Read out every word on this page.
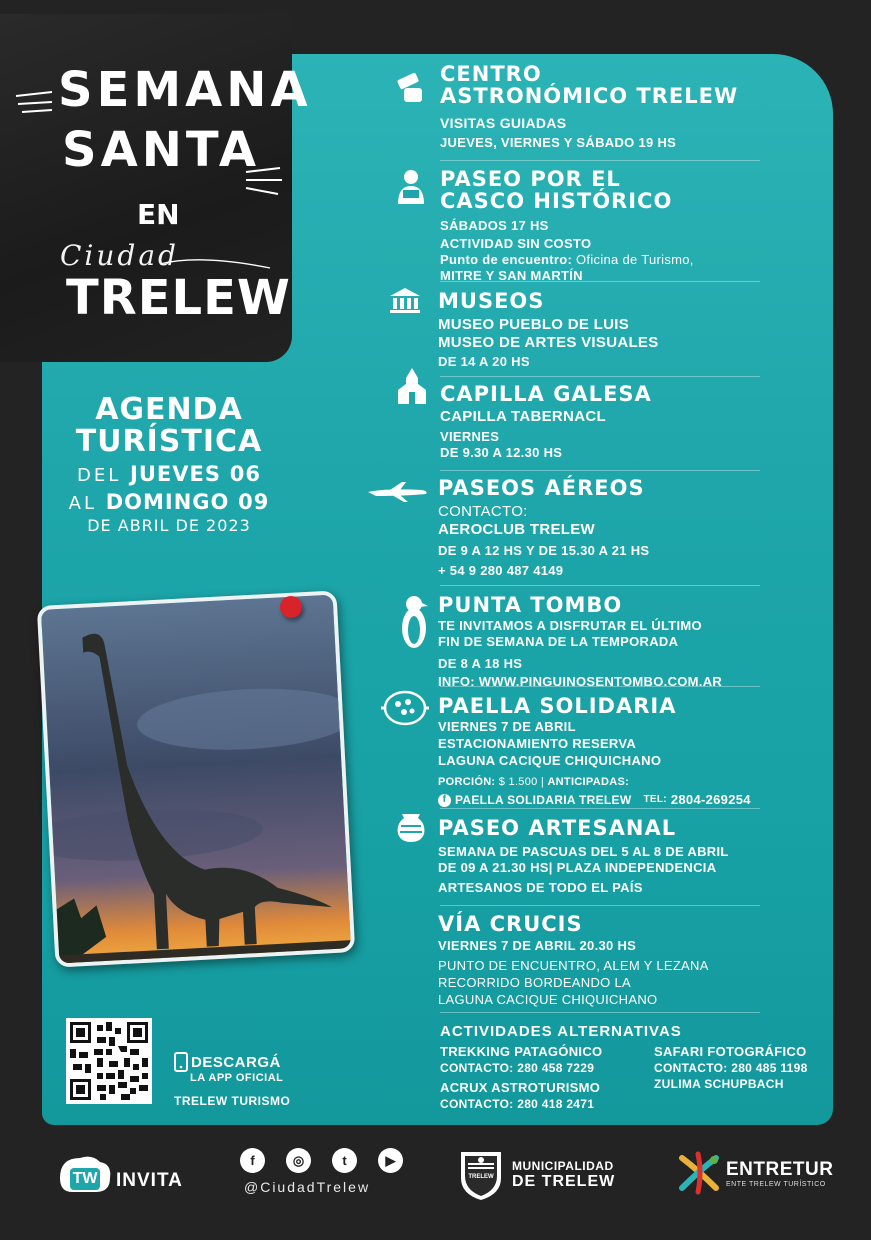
SEMANA
SANTA
EN
Ciudad
TRELEW
AGENDA
TURÍSTICA
DEL JUEVES 06
AL DOMINGO 09
DE ABRIL DE 2023
CENTRO
ASTRONÓMICO TRELEW
VISITAS GUIADAS
JUEVES, VIERNES Y SÁBADO 19 HS
PASEO POR EL
CASCO HISTÓRICO
SÁBADOS 17 HS
ACTIVIDAD SIN COSTO
Punto de encuentro: Oficina de Turismo,
MITRE Y SAN MARTÍN
MUSEOS
MUSEO PUEBLO DE LUIS
MUSEO DE ARTES VISUALES
DE 14 A 20 HS
CAPILLA GALESA
CAPILLA TABERNACL
VIERNES
DE 9.30 A 12.30 HS
PASEOS AÉREOS
CONTACTO:
AEROCLUB TRELEW
DE 9 A 12 HS Y DE 15.30 A 21 HS
+ 54 9 280 487 4149
PUNTA TOMBO
TE INVITAMOS A DISFRUTAR EL ÚLTIMO
FIN DE SEMANA DE LA TEMPORADA
DE 8 A 18 HS
INFO: WWW.PINGUINOSENTOMBO.COM.AR
PAELLA SOLIDARIA
VIERNES 7 DE ABRIL
ESTACIONAMIENTO RESERVA
LAGUNA CACIQUE CHIQUICHANO
PORCIÓN: $ 1.500 | ANTICIPADAS:
f PAELLA SOLIDARIA TRELEW TEL: 2804-269254
PASEO ARTESANAL
SEMANA DE PASCUAS DEL 5 AL 8 DE ABRIL
DE 09 A 21.30 HS| PLAZA INDEPENDENCIA
ARTESANOS DE TODO EL PAÍS
VÍA CRUCIS
VIERNES 7 DE ABRIL 20.30 HS
PUNTO DE ENCUENTRO, ALEM Y LEZANA
RECORRIDO BORDEANDO LA
LAGUNA CACIQUE CHIQUICHANO
ACTIVIDADES ALTERNATIVAS
TREKKING PATAGÓNICO
CONTACTO: 280 458 7229
ACRUX ASTROTURISMO
CONTACTO: 280 418 2471
SAFARI FOTOGRÁFICO
CONTACTO: 280 485 1198
ZULIMA SCHUPBACH
DESCARGÁ
LA APP OFICIAL
TRELEW TURISMO
TW INVITA
f	◎	t	▶
@CiudadTrelew
TRELEW
MUNICIPALIDAD
DE TRELEW
ENTRETUR
ENTE TRELEW TURÍSTICO
